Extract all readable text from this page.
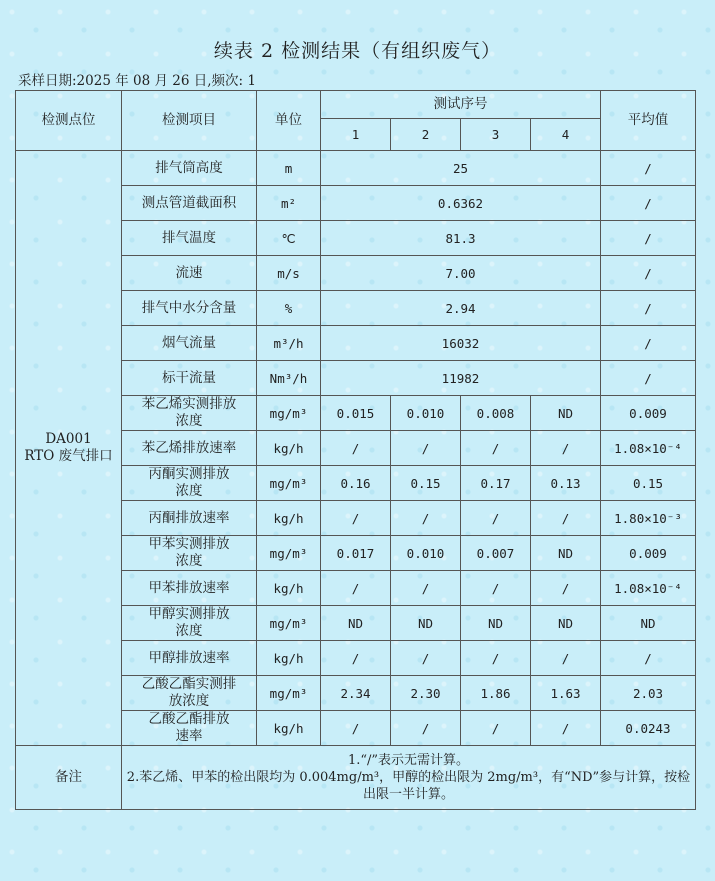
续表 2 检测结果（有组织废气）
采样日期:2025 年 08 月 26 日,频次: 1
检测点位	检测项目	单位	测试序号				平均值
			1	2	3	4	
DA001
RTO 废气排口	排气筒高度	m	25				/
	测点管道截面积	m²	0.6362				/
	排气温度	℃	81.3				/
	流速	m/s	7.00				/
	排气中水分含量	%	2.94				/
	烟气流量	m³/h	16032				/
	标干流量	Nm³/h	11982				/
	苯乙烯实测排放
浓度	mg/m³	0.015	0.010	0.008	ND	0.009
	苯乙烯排放速率	kg/h	/	/	/	/	1.08×10⁻⁴
	丙酮实测排放
浓度	mg/m³	0.16	0.15	0.17	0.13	0.15
	丙酮排放速率	kg/h	/	/	/	/	1.80×10⁻³
	甲苯实测排放
浓度	mg/m³	0.017	0.010	0.007	ND	0.009
	甲苯排放速率	kg/h	/	/	/	/	1.08×10⁻⁴
	甲醇实测排放
浓度	mg/m³	ND	ND	ND	ND	ND
	甲醇排放速率	kg/h	/	/	/	/	/
	乙酸乙酯实测排
放浓度	mg/m³	2.34	2.30	1.86	1.63	2.03
	乙酸乙酯排放
速率	kg/h	/	/	/	/	0.0243
备注	1.“/”表示无需计算。
2.苯乙烯、甲苯的检出限均为 0.004mg/m³，甲醇的检出限为 2mg/m³，有“ND”参与计算，按检出限一半计算。						
